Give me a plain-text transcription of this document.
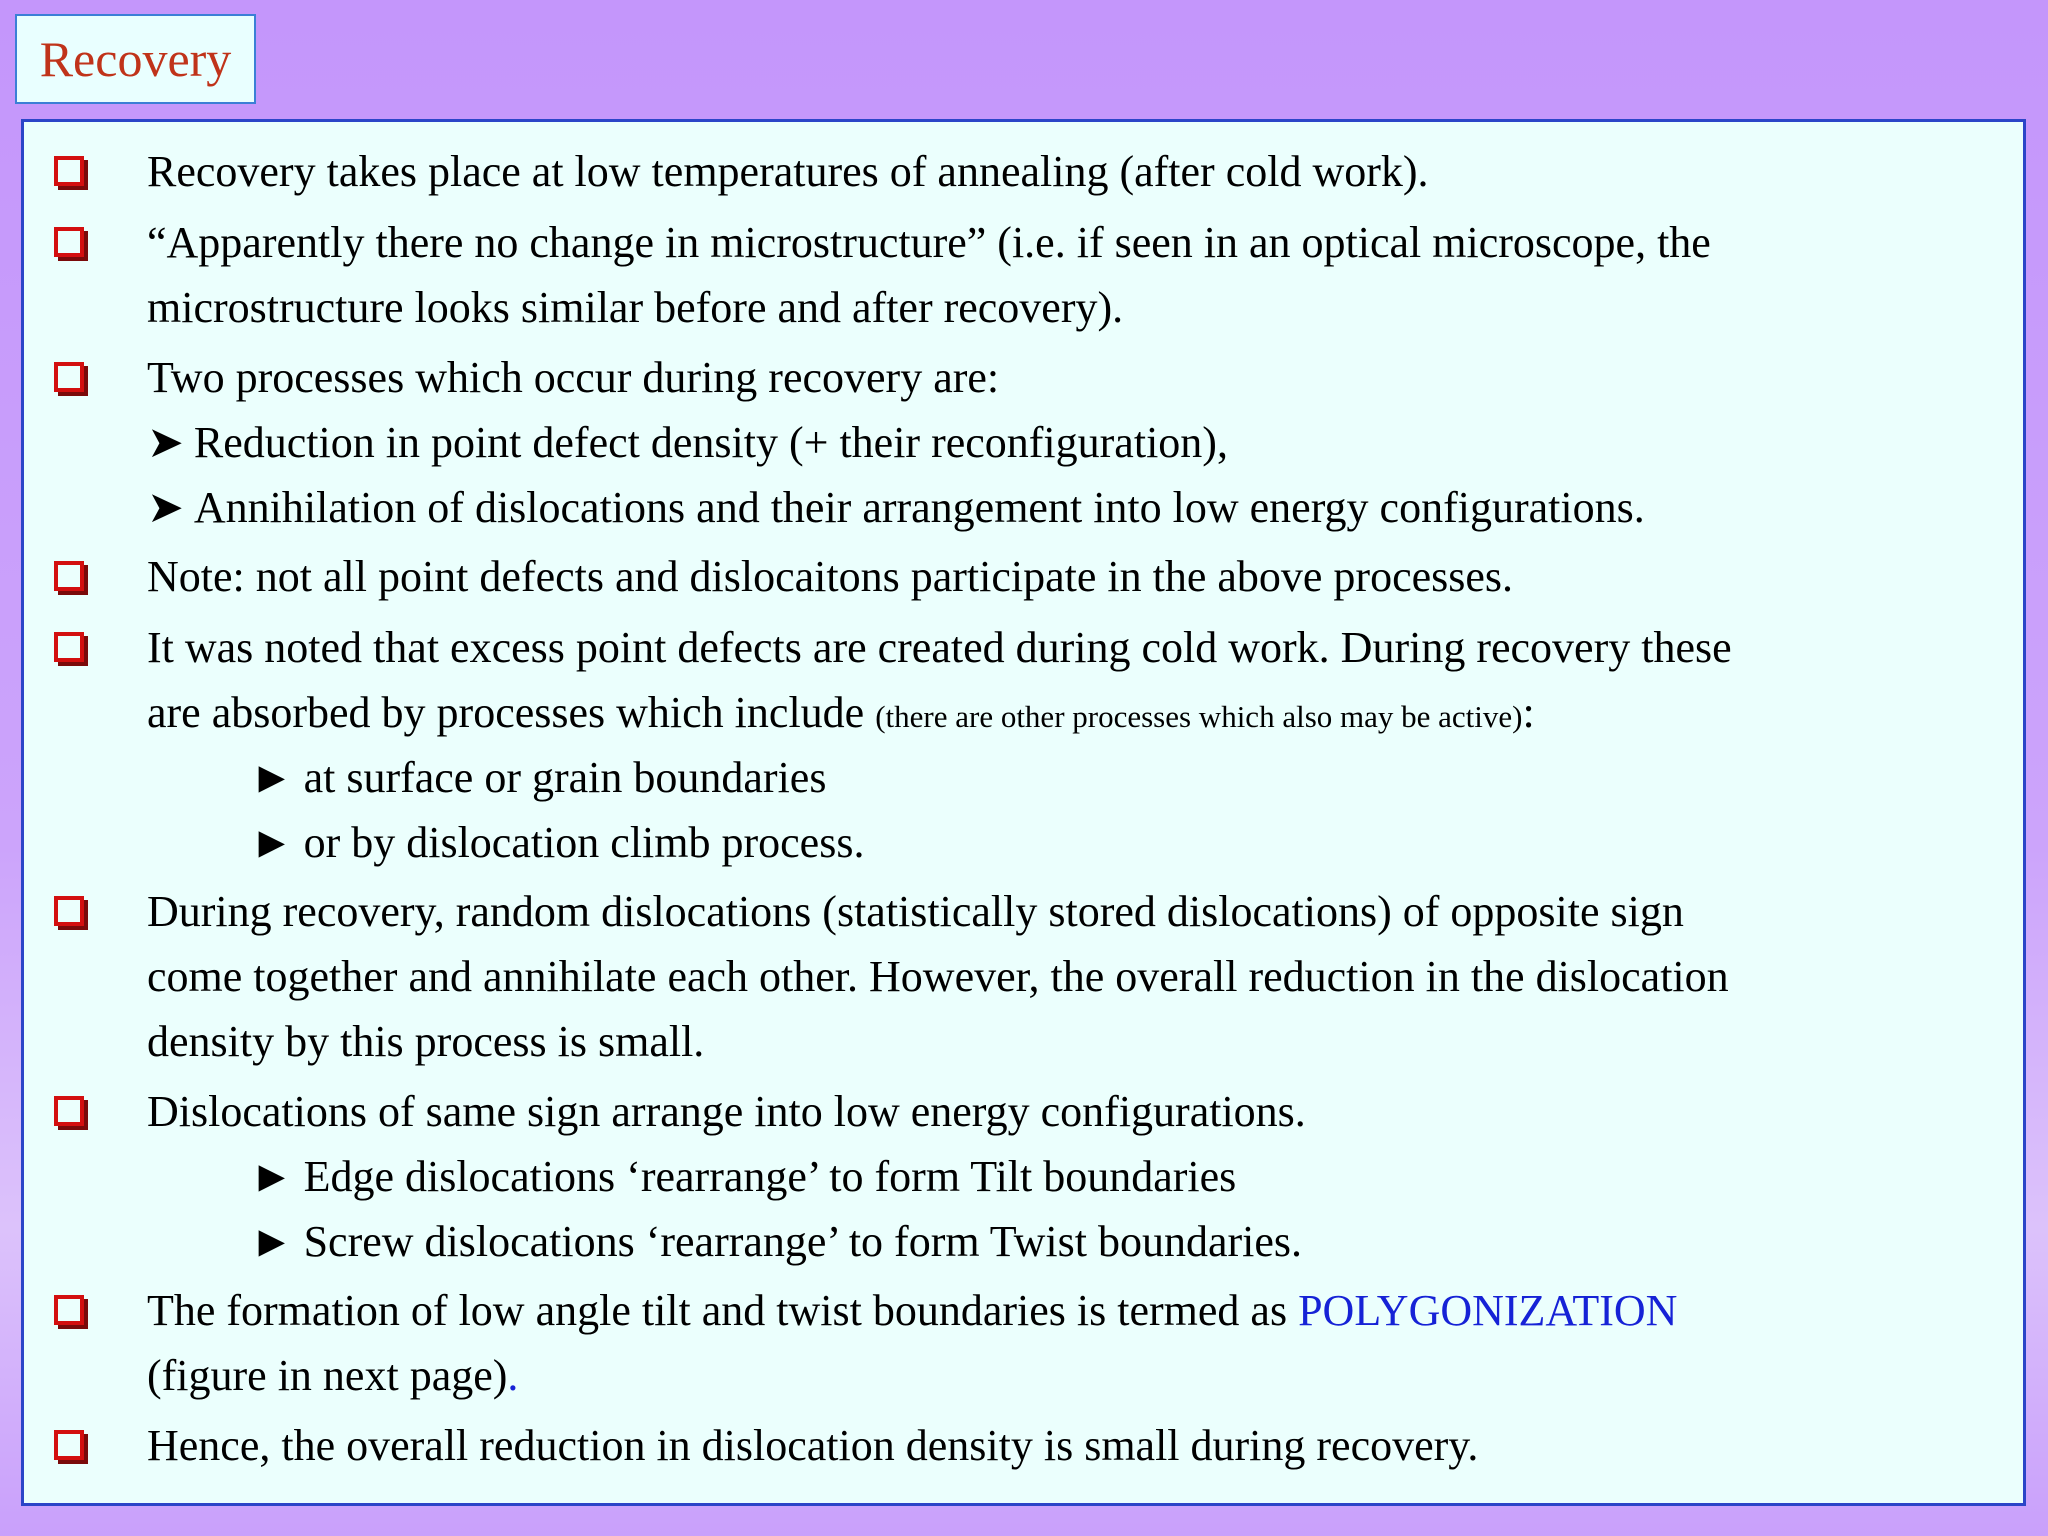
Recovery
Recovery takes place at low temperatures of annealing (after cold work).
“Apparently there no change in microstructure” (i.e. if seen in an optical microscope, the
microstructure looks similar before and after recovery).
Two processes which occur during recovery are:
➤ Reduction in point defect density (+ their reconfiguration),
➤ Annihilation of dislocations and their arrangement into low energy configurations.
Note: not all point defects and dislocaitons participate in the above processes.
It was noted that excess point defects are created during cold work. During recovery these
are absorbed by processes which include (there are other processes which also may be active):
► at surface or grain boundaries
► or by dislocation climb process.
During recovery, random dislocations (statistically stored dislocations) of opposite sign
come together and annihilate each other. However, the overall reduction in the dislocation
density by this process is small.
Dislocations of same sign arrange into low energy configurations.
► Edge dislocations ‘rearrange’ to form Tilt boundaries
► Screw dislocations ‘rearrange’ to form Twist boundaries.
The formation of low angle tilt and twist boundaries is termed as POLYGONIZATION
(figure in next page).
Hence, the overall reduction in dislocation density is small during recovery.
